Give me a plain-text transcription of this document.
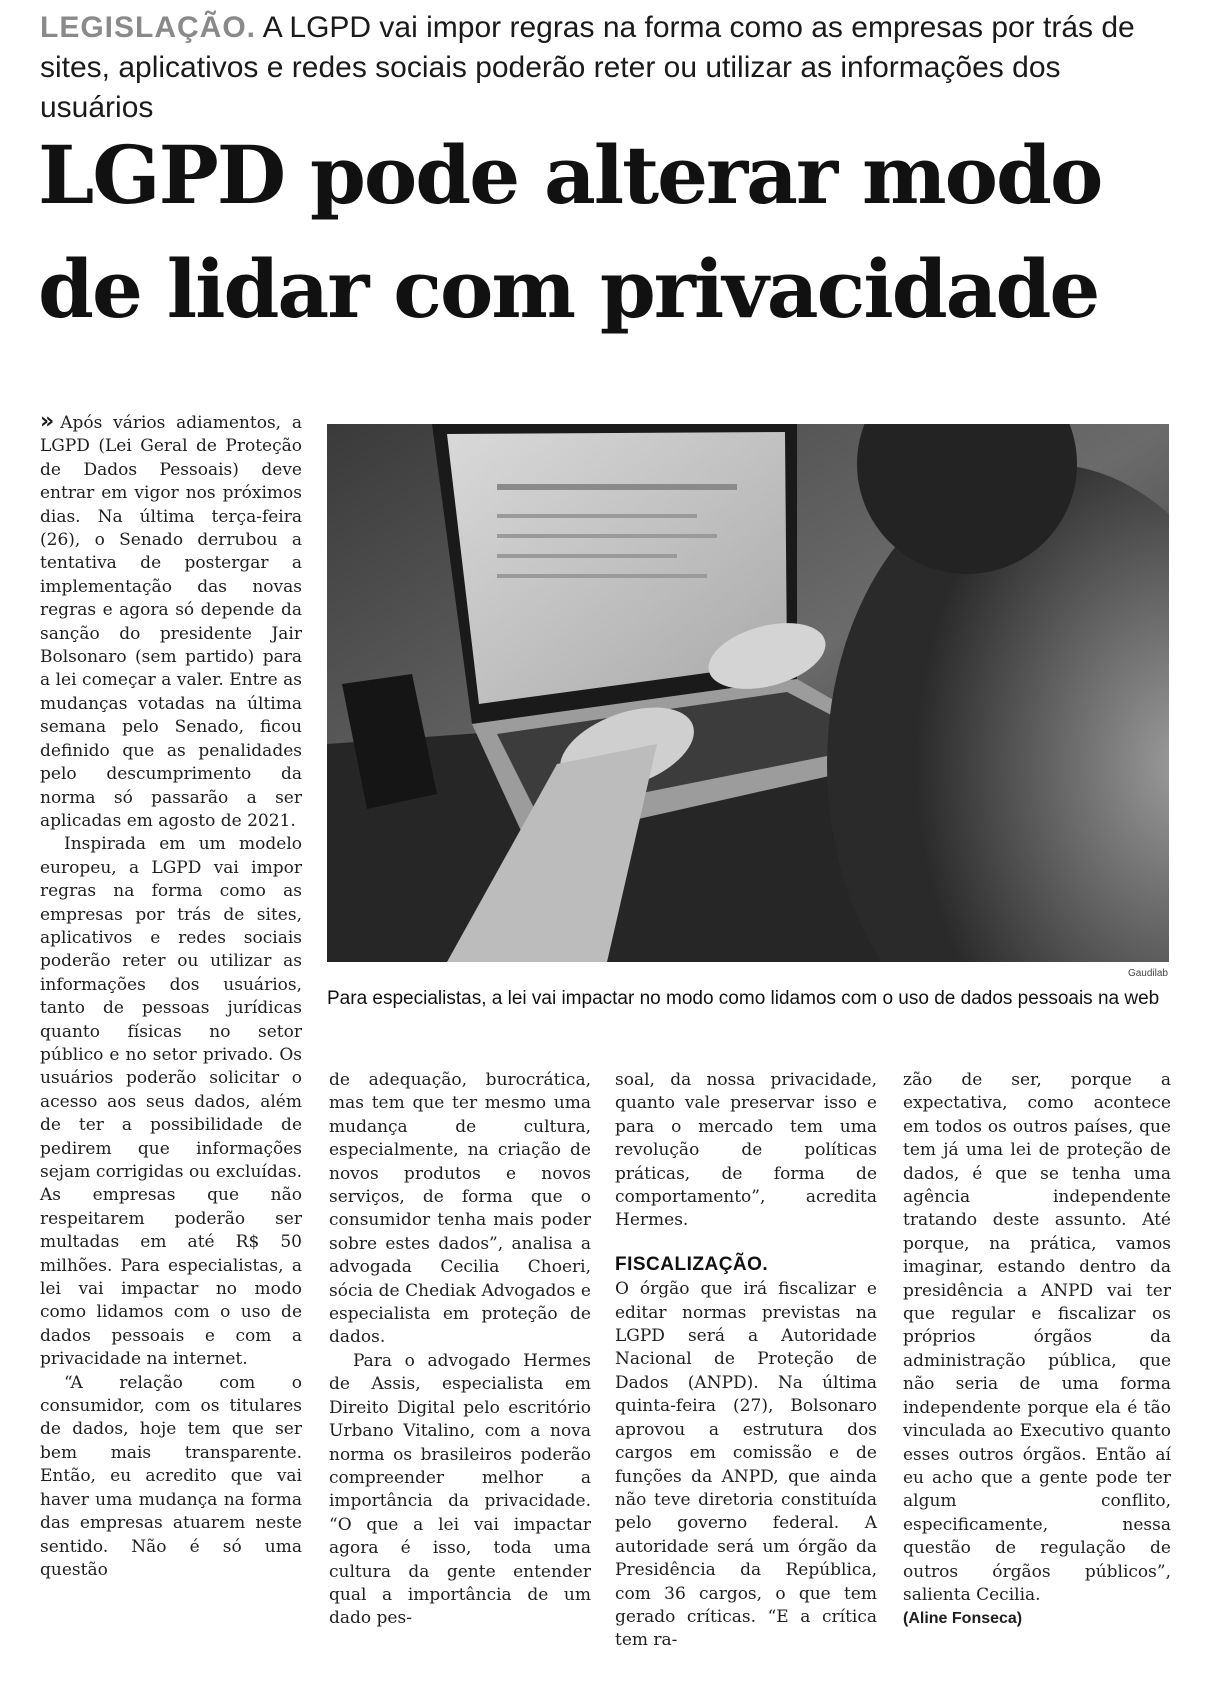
LEGISLAÇÃO. A LGPD vai impor regras na forma como as empresas por trás de sites, aplicativos e redes sociais poderão reter ou utilizar as informações dos usuários
LGPD pode alterar modo de lidar com privacidade

» Após vários adiamentos, a LGPD (Lei Geral de Proteção de Dados Pessoais) deve entrar em vigor nos próximos dias. Na última terça-feira (26), o Senado derrubou a tentativa de postergar a implementação das novas regras e agora só depende da sanção do presidente Jair Bolsonaro (sem partido) para a lei começar a valer. Entre as mudanças votadas na última semana pelo Senado, ficou definido que as penalidades pelo descumprimento da norma só passarão a ser aplicadas em agosto de 2021.

Inspirada em um modelo europeu, a LGPD vai impor regras na forma como as empresas por trás de sites, aplicativos e redes sociais poderão reter ou utilizar as informações dos usuários, tanto de pessoas jurídicas quanto físicas no setor público e no setor privado. Os usuários poderão solicitar o acesso aos seus dados, além de ter a possibilidade de pedirem que informações sejam corrigidas ou excluídas. As empresas que não respeitarem poderão ser multadas em até R$ 50 milhões. Para especialistas, a lei vai impactar no modo como lidamos com o uso de dados pessoais e com a privacidade na internet.

“A relação com o consumidor, com os titulares de dados, hoje tem que ser bem mais transparente. Então, eu acredito que vai haver uma mudança na forma das empresas atuarem neste sentido. Não é só uma questão

Gaudilab
Para especialistas, a lei vai impactar no modo como lidamos com o uso de dados pessoais na web

de adequação, burocrática, mas tem que ter mesmo uma mudança de cultura, especialmente, na criação de novos produtos e novos serviços, de forma que o consumidor tenha mais poder sobre estes dados”, analisa a advogada Cecilia Choeri, sócia de Chediak Advogados e especialista em proteção de dados.

Para o advogado Hermes de Assis, especialista em Direito Digital pelo escritório Urbano Vitalino, com a nova norma os brasileiros poderão compreender melhor a importância da privacidade. “O que a lei vai impactar agora é isso, toda uma cultura da gente entender qual a importância de um dado pes-

soal, da nossa privacidade, quanto vale preservar isso e para o mercado tem uma revolução de políticas práticas, de forma de comportamento”, acredita Hermes.

FISCALIZAÇÃO.

O órgão que irá fiscalizar e editar normas previstas na LGPD será a Autoridade Nacional de Proteção de Dados (ANPD). Na última quinta-feira (27), Bolsonaro aprovou a estrutura dos cargos em comissão e de funções da ANPD, que ainda não teve diretoria constituída pelo governo federal. A autoridade será um órgão da Presidência da República, com 36 cargos, o que tem gerado críticas. “E a crítica tem ra-

zão de ser, porque a expectativa, como acontece em todos os outros países, que tem já uma lei de proteção de dados, é que se tenha uma agência independente tratando deste assunto. Até porque, na prática, vamos imaginar, estando dentro da presidência a ANPD vai ter que regular e fiscalizar os próprios órgãos da administração pública, que não seria de uma forma independente porque ela é tão vinculada ao Executivo quanto esses outros órgãos. Então aí eu acho que a gente pode ter algum conflito, especificamente, nessa questão de regulação de outros órgãos públicos”, salienta Cecilia.

(Aline Fonseca)
